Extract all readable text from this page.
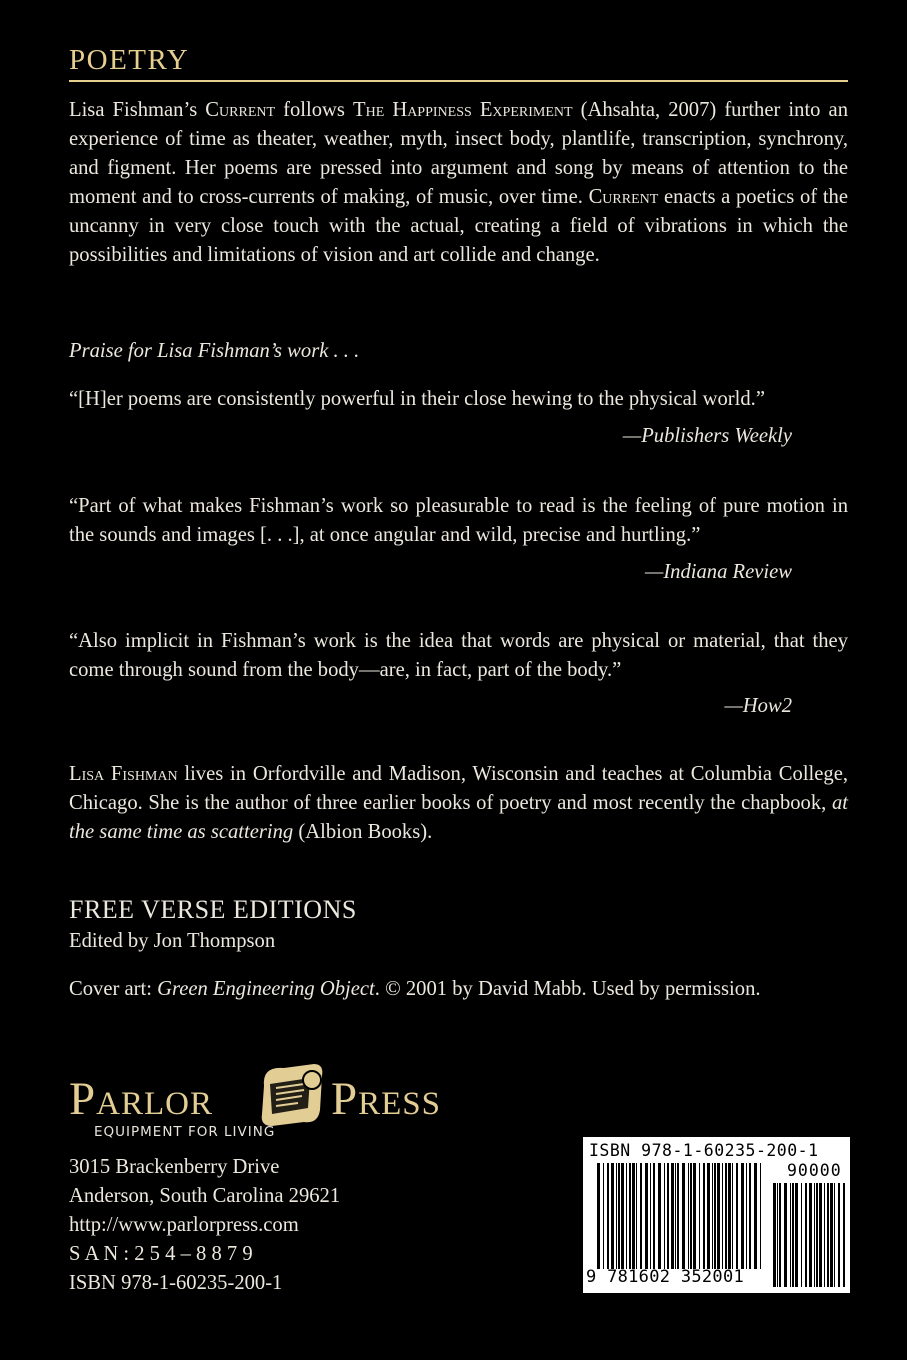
POETRY
Lisa Fishman’s Current follows The Happiness Experiment (Ahsahta, 2007) further into an experience of time as theater, weather, myth, insect body, plantlife, transcription, synchrony, and figment. Her poems are pressed into argument and song by means of attention to the moment and to cross-currents of making, of music, over time. Current enacts a poetics of the uncanny in very close touch with the actual, creating a field of vibrations in which the possibilities and limitations of vision and art collide and change.
Praise for Lisa Fishman’s work . . .
“[H]er poems are consistently powerful in their close hewing to the physical world.”
—Publishers Weekly
“Part of what makes Fishman’s work so pleasurable to read is the feeling of pure motion in the sounds and images [. . .], at once angular and wild, precise and hurtling.”
—Indiana Review
“Also implicit in Fishman’s work is the idea that words are physical or material, that they come through sound from the body—are, in fact, part of the body.”
—How2
Lisa Fishman lives in Orfordville and Madison, Wisconsin and teaches at Columbia College, Chicago. She is the author of three earlier books of poetry and most recently the chapbook, at the same time as scattering (Albion Books).
FREE VERSE EDITIONS
Edited by Jon Thompson
Cover art: Green Engineering Object. © 2001 by David Mabb. Used by permission.
Parlor	Press
EQUIPMENT FOR LIVING
3015 Brackenberry Drive
Anderson, South Carolina 29621
http://www.parlorpress.com
S A N : 2 5 4 – 8 8 7 9
ISBN 978-1-60235-200-1
ISBN 978-1-60235-200-1
90000
9 781602 352001
